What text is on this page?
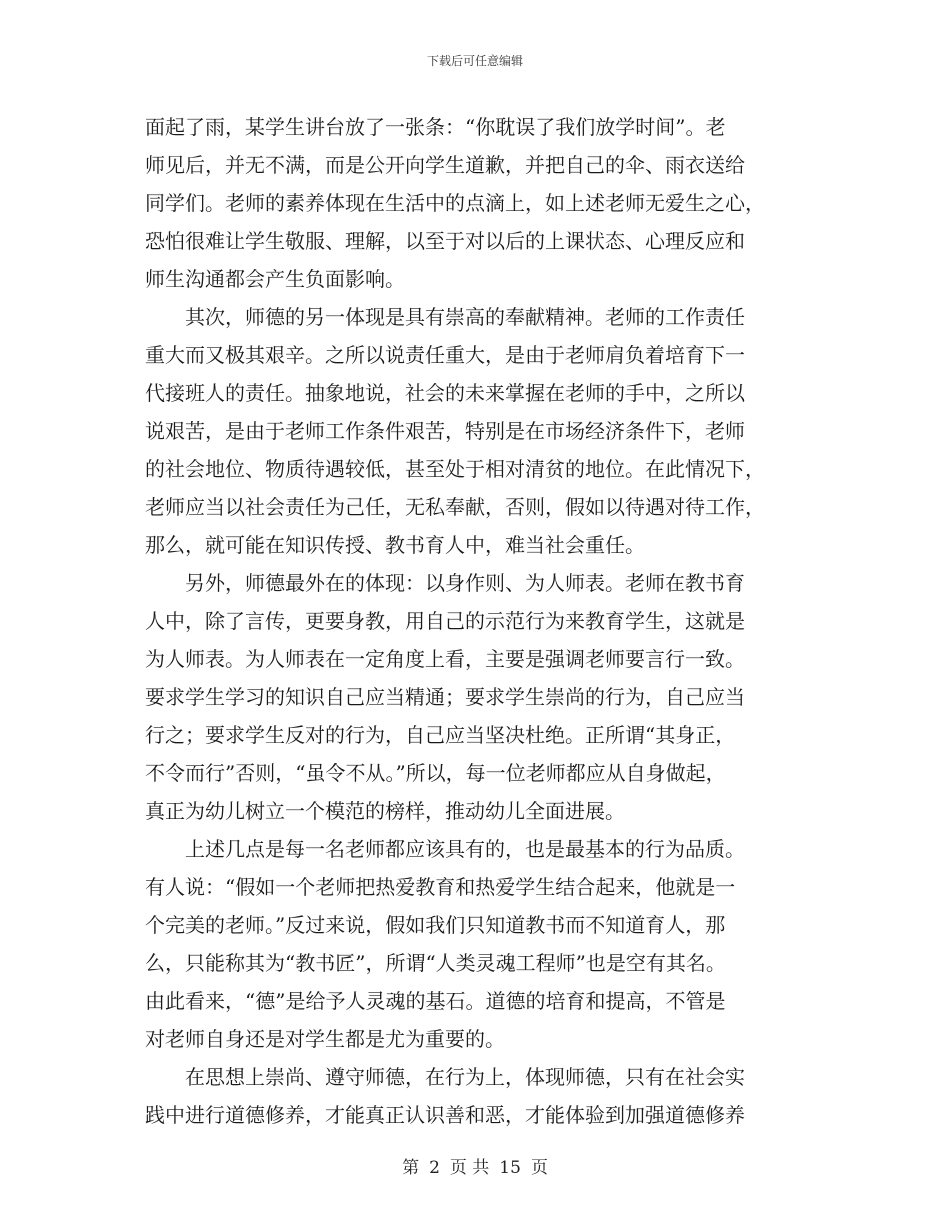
下载后可任意编辑
面起了雨，某学生讲台放了一张条：“你耽误了我们放学时间”。老
师见后，并无不满，而是公开向学生道歉，并把自己的伞、雨衣送给
同学们。老师的素养体现在生活中的点滴上，如上述老师无爱生之心，
恐怕很难让学生敬服、理解，以至于对以后的上课状态、心理反应和
师生沟通都会产生负面影响。
其次，师德的另一体现是具有崇高的奉献精神。老师的工作责任
重大而又极其艰辛。之所以说责任重大，是由于老师肩负着培育下一
代接班人的责任。抽象地说，社会的未来掌握在老师的手中，之所以
说艰苦，是由于老师工作条件艰苦，特别是在市场经济条件下，老师
的社会地位、物质待遇较低，甚至处于相对清贫的地位。在此情况下，
老师应当以社会责任为己任，无私奉献，否则，假如以待遇对待工作，
那么，就可能在知识传授、教书育人中，难当社会重任。
另外，师德最外在的体现：以身作则、为人师表。老师在教书育
人中，除了言传，更要身教，用自己的示范行为来教育学生，这就是
为人师表。为人师表在一定角度上看，主要是强调老师要言行一致。
要求学生学习的知识自己应当精通；要求学生崇尚的行为，自己应当
行之；要求学生反对的行为，自己应当坚决杜绝。正所谓“其身正，
不令而行”否则，“虽令不从。”所以，每一位老师都应从自身做起，
真正为幼儿树立一个模范的榜样，推动幼儿全面进展。
上述几点是每一名老师都应该具有的，也是最基本的行为品质。
有人说：“假如一个老师把热爱教育和热爱学生结合起来，他就是一
个完美的老师。”反过来说，假如我们只知道教书而不知道育人，那
么，只能称其为“教书匠”，所谓“人类灵魂工程师”也是空有其名。
由此看来，“德”是给予人灵魂的基石。道德的培育和提高，不管是
对老师自身还是对学生都是尤为重要的。
在思想上崇尚、遵守师德，在行为上，体现师德，只有在社会实
践中进行道德修养，才能真正认识善和恶，才能体验到加强道德修养
第 2 页 共 15 页
